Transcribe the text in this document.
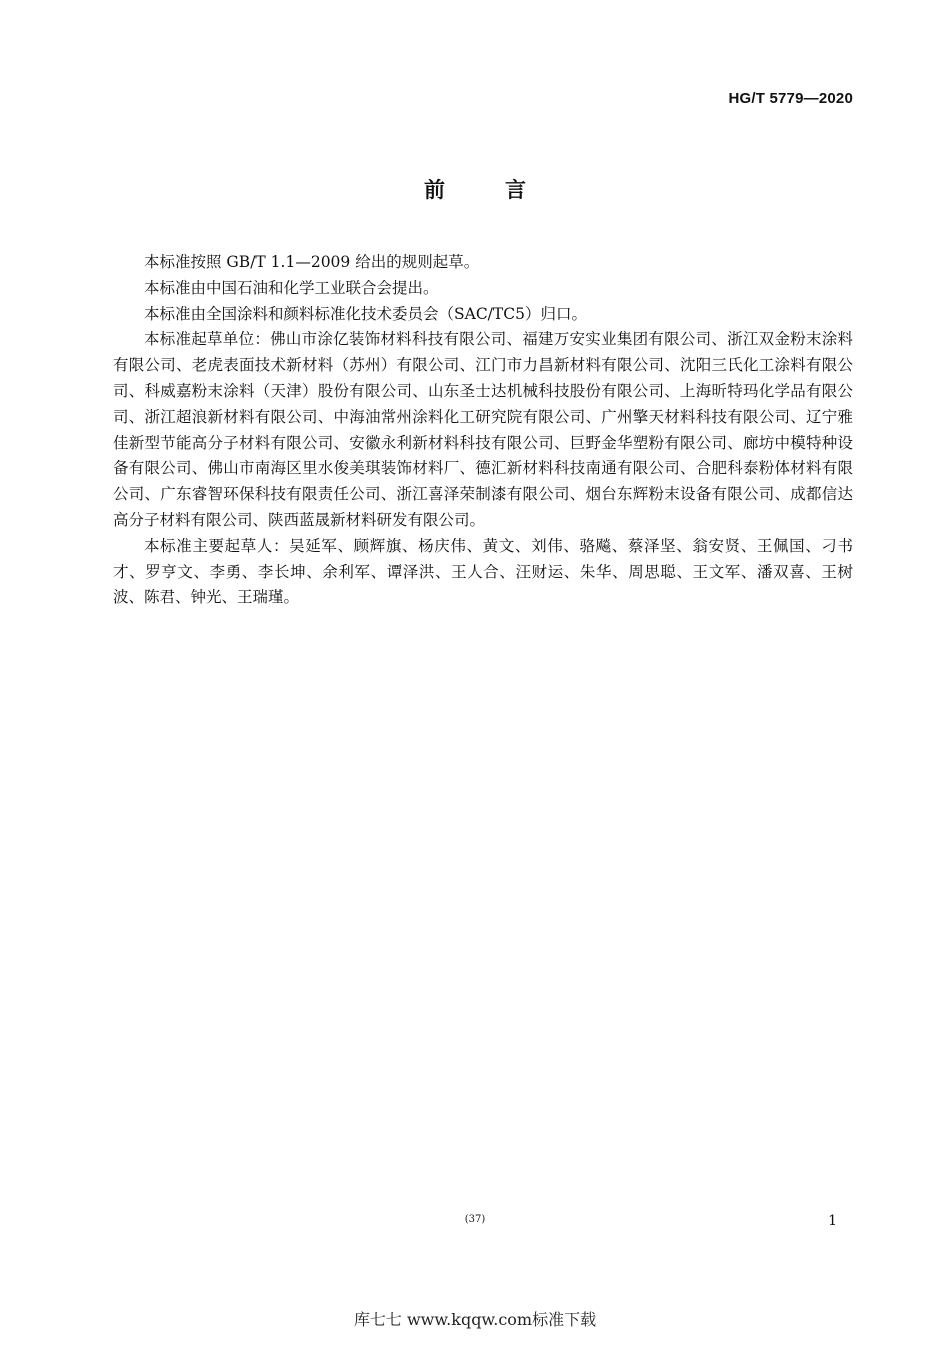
HG/T 5779—2020
前言

本标准按照 GB/T 1.1—2009 给出的规则起草。

本标准由中国石油和化学工业联合会提出。

本标准由全国涂料和颜料标准化技术委员会（SAC/TC5）归口。

本标准起草单位：佛山市涂亿装饰材料科技有限公司、福建万安实业集团有限公司、浙江双金粉末涂料有限公司、老虎表面技术新材料（苏州）有限公司、江门市力昌新材料有限公司、沈阳三氏化工涂料有限公司、科威嘉粉末涂料（天津）股份有限公司、山东圣士达机械科技股份有限公司、上海昕特玛化学品有限公司、浙江超浪新材料有限公司、中海油常州涂料化工研究院有限公司、广州擎天材料科技有限公司、辽宁雅佳新型节能高分子材料有限公司、安徽永利新材料科技有限公司、巨野金华塑粉有限公司、廊坊中模特种设备有限公司、佛山市南海区里水俊美琪装饰材料厂、德汇新材料科技南通有限公司、合肥科泰粉体材料有限公司、广东睿智环保科技有限责任公司、浙江喜泽荣制漆有限公司、烟台东辉粉末设备有限公司、成都信达高分子材料有限公司、陕西蓝晟新材料研发有限公司。

本标准主要起草人：吴延军、顾辉旗、杨庆伟、黄文、刘伟、骆飚、蔡泽坚、翁安贤、王佩国、刁书才、罗亨文、李勇、李长坤、余利军、谭泽洪、王人合、汪财运、朱华、周思聪、王文军、潘双喜、王树波、陈君、钟光、王瑞瑾。

(37)	1
库七七 www.kqqw.com标准下载
